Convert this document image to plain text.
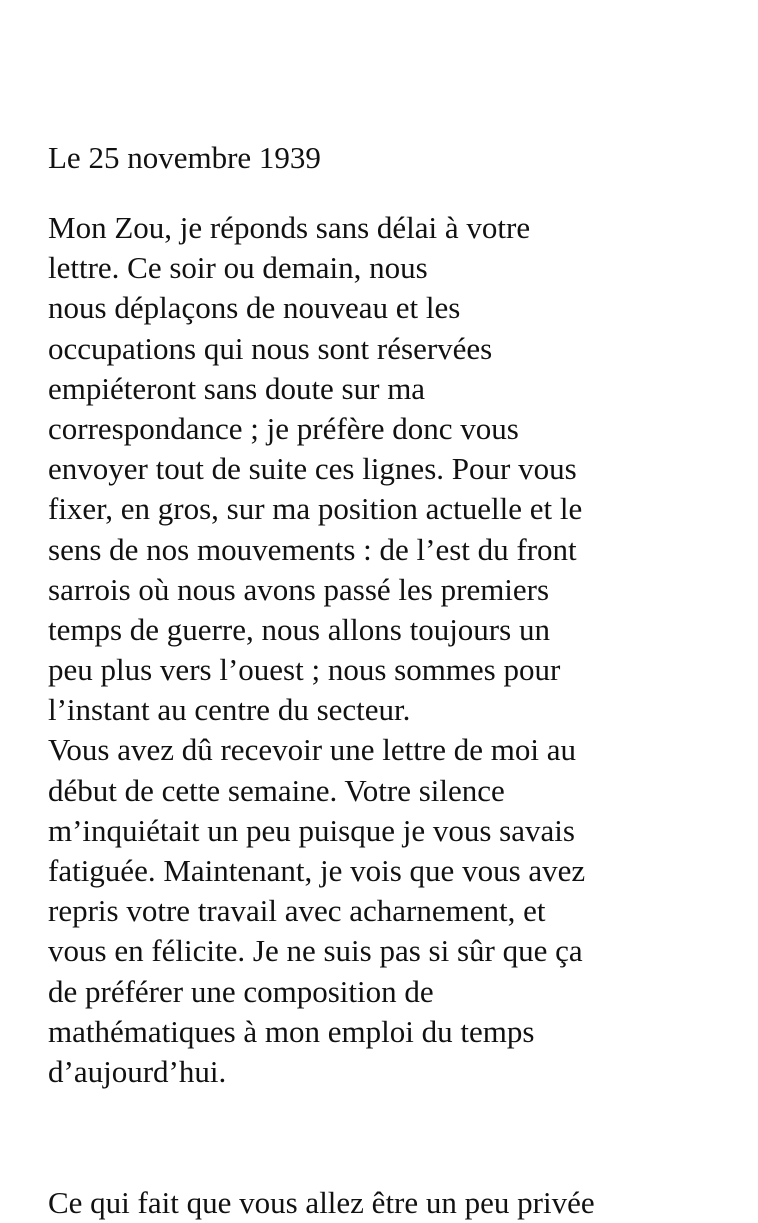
Le 25 novembre 1939
Mon Zou, je réponds sans délai à votre
lettre. Ce soir ou demain, nous
nous déplaçons de nouveau et les
occupations qui nous sont réservées
empiéteront sans doute sur ma
correspondance ; je préfère donc vous
envoyer tout de suite ces lignes. Pour vous
fixer, en gros, sur ma position actuelle et le
sens de nos mouvements : de l’est du front
sarrois où nous avons passé les premiers
temps de guerre, nous allons toujours un
peu plus vers l’ouest ; nous sommes pour
l’instant au centre du secteur.
Vous avez dû recevoir une lettre de moi au
début de cette semaine. Votre silence
m’inquiétait un peu puisque je vous savais
fatiguée. Maintenant, je vois que vous avez
repris votre travail avec acharnement, et
vous en félicite. Je ne suis pas si sûr que ça
de préférer une composition de
mathématiques à mon emploi du temps
d’aujourd’hui.
Ce qui fait que vous allez être un peu privée
